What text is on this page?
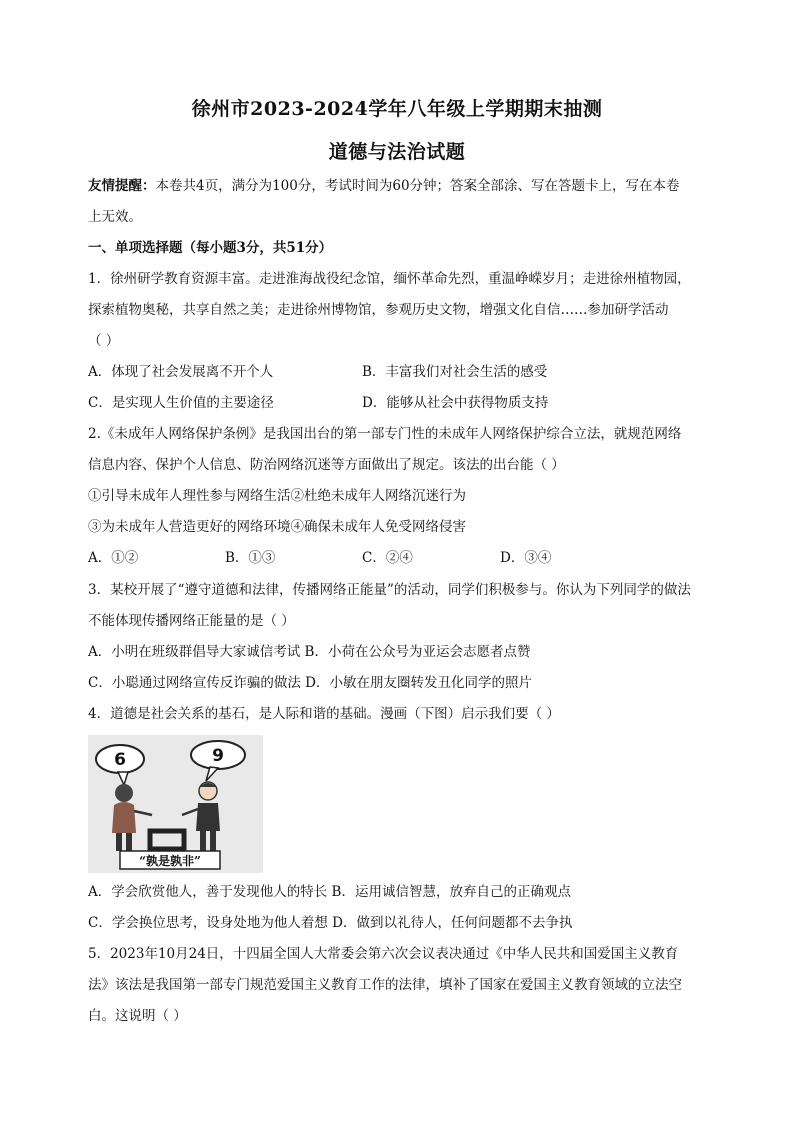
徐州市2023-2024学年八年级上学期期末抽测
道德与法治试题
友情提醒：本卷共4页，满分为100分，考试时间为60分钟；答案全部涂、写在答题卡上，写在本卷
上无效。
一、单项选择题（每小题3分，共51分）
1．徐州研学教育资源丰富。走进淮海战役纪念馆，缅怀革命先烈，重温峥嵘岁月；走进徐州植物园，
探索植物奥秘，共享自然之美；走进徐州博物馆，参观历史文物，增强文化自信……参加研学活动
（ ）
A．体现了社会发展离不开个人	B．丰富我们对社会生活的感受
C．是实现人生价值的主要途径	D．能够从社会中获得物质支持
2.《未成年人网络保护条例》是我国出台的第一部专门性的未成年人网络保护综合立法，就规范网络
信息内容、保护个人信息、防治网络沉迷等方面做出了规定。该法的出台能（ ）
①引导未成年人理性参与网络生活②杜绝未成年人网络沉迷行为
③为未成年人营造更好的网络环境④确保未成年人免受网络侵害
A．①②	B．①③	C．②④	D．③④
3．某校开展了“遵守道德和法律，传播网络正能量”的活动，同学们积极参与。你认为下列同学的做法
不能体现传播网络正能量的是（ ）
A．小明在班级群倡导大家诚信考试 B．小荷在公众号为亚运会志愿者点赞
C．小聪通过网络宣传反诈骗的做法 D．小敏在朋友圈转发丑化同学的照片
4．道德是社会关系的基石，是人际和谐的基础。漫画（下图）启示我们要（ ）
6	9
“孰是孰非”
A．学会欣赏他人，善于发现他人的特长 B．运用诚信智慧，放弃自己的正确观点
C．学会换位思考，设身处地为他人着想 D．做到以礼待人，任何问题都不去争执
5．2023年10月24日，十四届全国人大常委会第六次会议表决通过《中华人民共和国爱国主义教育
法》该法是我国第一部专门规范爱国主义教育工作的法律，填补了国家在爱国主义教育领域的立法空
白。这说明（ ）
